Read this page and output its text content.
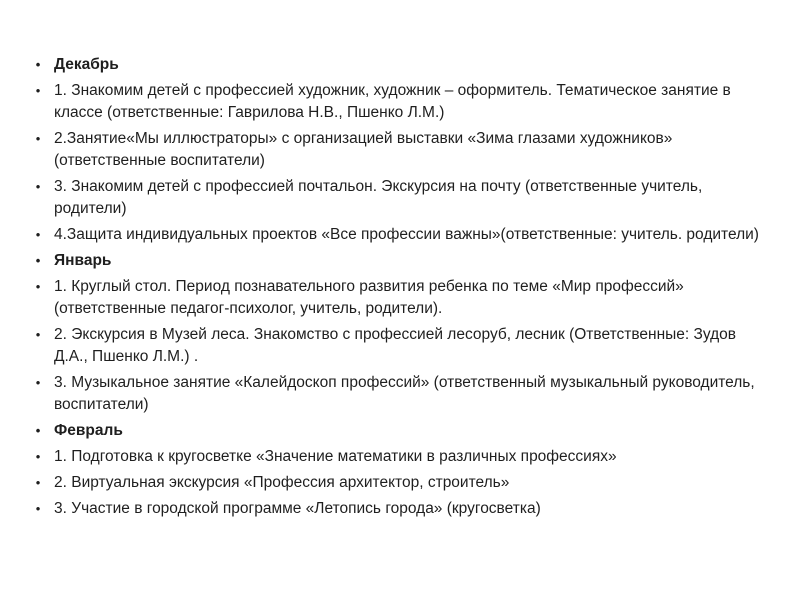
• Декабрь
• 1. Знакомим детей с профессией художник, художник – оформитель. Тематическое занятие в классе (ответственные: Гаврилова Н.В., Пшенко Л.М.)
• 2.Занятие«Мы иллюстраторы» с организацией выставки «Зима глазами художников» (ответственные воспитатели)
• 3. Знакомим детей с профессией почтальон. Экскурсия на почту (ответственные учитель, родители)
• 4.Защита индивидуальных проектов «Все профессии важны»(ответственные: учитель. родители)
• Январь
• 1. Круглый стол. Период познавательного развития ребенка по теме «Мир профессий» (ответственные педагог-психолог, учитель, родители).
• 2. Экскурсия в Музей леса. Знакомство с профессией лесоруб, лесник (Ответственные: Зудов Д.А., Пшенко Л.М.) .
• 3. Музыкальное занятие «Калейдоскоп профессий» (ответственный музыкальный руководитель, воспитатели)
• Февраль
• 1. Подготовка к кругосветке «Значение математики в различных профессиях»
• 2. Виртуальная экскурсия «Профессия архитектор, строитель»
• 3. Участие в городской программе «Летопись города» (кругосветка)
